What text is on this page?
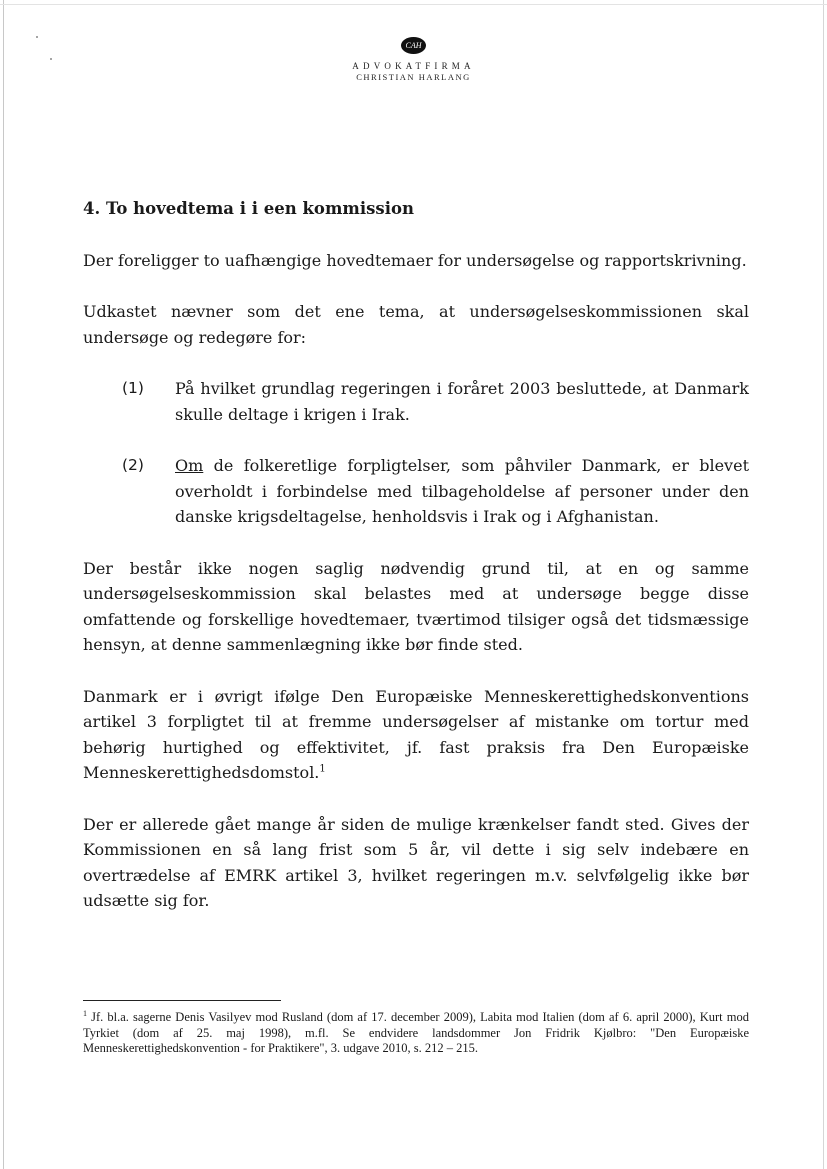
CAH
ADVOKATFIRMA
CHRISTIAN HARLANG
4. To hovedtema i i een kommission

Der foreligger to uafhængige hovedtemaer for undersøgelse og rapportskrivning.

Udkastet nævner som det ene tema, at undersøgelseskommissionen skal undersøge og redegøre for:

(1)	På hvilket grundlag regeringen i foråret 2003 besluttede, at Danmark skulle deltage i krigen i Irak.
(2)	Om de folkeretlige forpligtelser, som påhviler Danmark, er blevet overholdt i forbindelse med tilbageholdelse af personer under den danske krigsdeltagelse, henholdsvis i Irak og i Afghanistan.

Der består ikke nogen saglig nødvendig grund til, at en og samme undersøgelseskommission skal belastes med at undersøge begge disse omfattende og forskellige hovedtemaer, tværtimod tilsiger også det tidsmæssige hensyn, at denne sammenlægning ikke bør finde sted.

Danmark er i øvrigt ifølge Den Europæiske Menneskerettighedskonventions artikel 3 forpligtet til at fremme undersøgelser af mistanke om tortur med behørig hurtighed og effektivitet, jf. fast praksis fra Den Europæiske Menneskerettighedsdomstol.$^1$

Der er allerede gået mange år siden de mulige krænkelser fandt sted. Gives der Kommissionen en så lang frist som 5 år, vil dette i sig selv indebære en overtrædelse af EMRK artikel 3, hvilket regeringen m.v. selvfølgelig ikke bør udsætte sig for.

$^1$ Jf. bl.a. sagerne Denis Vasilyev mod Rusland (dom af 17. december 2009), Labita mod Italien (dom af 6. april 2000), Kurt mod Tyrkiet (dom af 25. maj 1998), m.fl. Se endvidere landsdommer Jon Fridrik Kjølbro: "Den Europæiske Menneskerettighedskonvention - for Praktikere", 3. udgave 2010, s. 212 – 215.
